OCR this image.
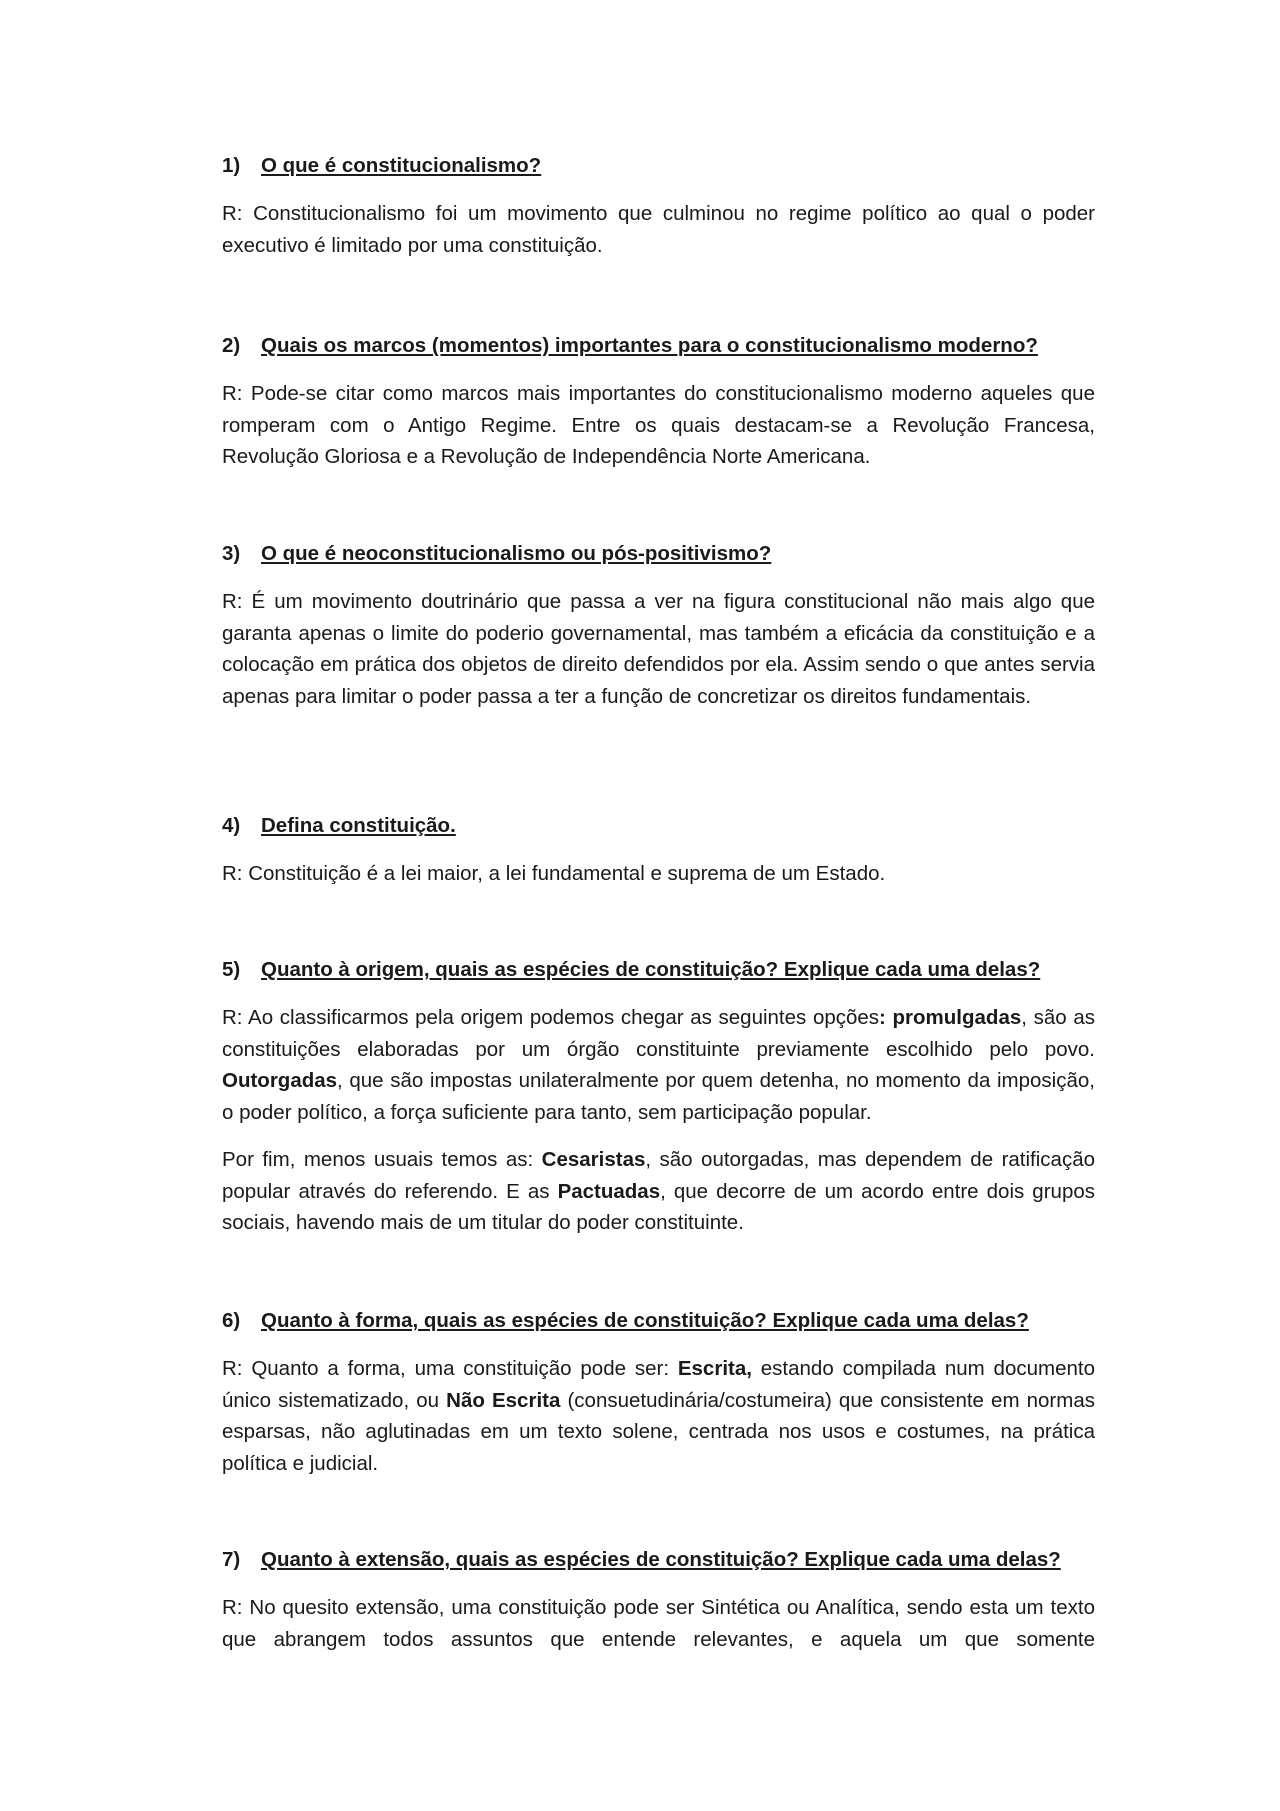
1) O que é constitucionalismo?

R: Constitucionalismo foi um movimento que culminou no regime político ao qual o poder executivo é limitado por uma constituição.

2) Quais os marcos (momentos) importantes para o constitucionalismo moderno?

R: Pode-se citar como marcos mais importantes do constitucionalismo moderno aqueles que romperam com o Antigo Regime. Entre os quais destacam-se a Revolução Francesa, Revolução Gloriosa e a Revolução de Independência Norte Americana.

3) O que é neoconstitucionalismo ou pós-positivismo?

R: É um movimento doutrinário que passa a ver na figura constitucional não mais algo que garanta apenas o limite do poderio governamental, mas também a eficácia da constituição e a colocação em prática dos objetos de direito defendidos por ela. Assim sendo o que antes servia apenas para limitar o poder passa a ter a função de concretizar os direitos fundamentais.

4) Defina constituição.

R: Constituição é a lei maior, a lei fundamental e suprema de um Estado.

5) Quanto à origem, quais as espécies de constituição? Explique cada uma delas?

R: Ao classificarmos pela origem podemos chegar as seguintes opções: promulgadas, são as constituições elaboradas por um órgão constituinte previamente escolhido pelo povo. Outorgadas, que são impostas unilateralmente por quem detenha, no momento da imposição, o poder político, a força suficiente para tanto, sem participação popular.

Por fim, menos usuais temos as: Cesaristas, são outorgadas, mas dependem de ratificação popular através do referendo. E as Pactuadas, que decorre de um acordo entre dois grupos sociais, havendo mais de um titular do poder constituinte.

6) Quanto à forma, quais as espécies de constituição? Explique cada uma delas?

R: Quanto a forma, uma constituição pode ser: Escrita, estando compilada num documento único sistematizado, ou Não Escrita (consuetudinária/costumeira) que consistente em normas esparsas, não aglutinadas em um texto solene, centrada nos usos e costumes, na prática política e judicial.

7) Quanto à extensão, quais as espécies de constituição? Explique cada uma delas?

R: No quesito extensão, uma constituição pode ser Sintética ou Analítica, sendo esta um texto que abrangem todos assuntos que entende relevantes, e aquela um que somente
